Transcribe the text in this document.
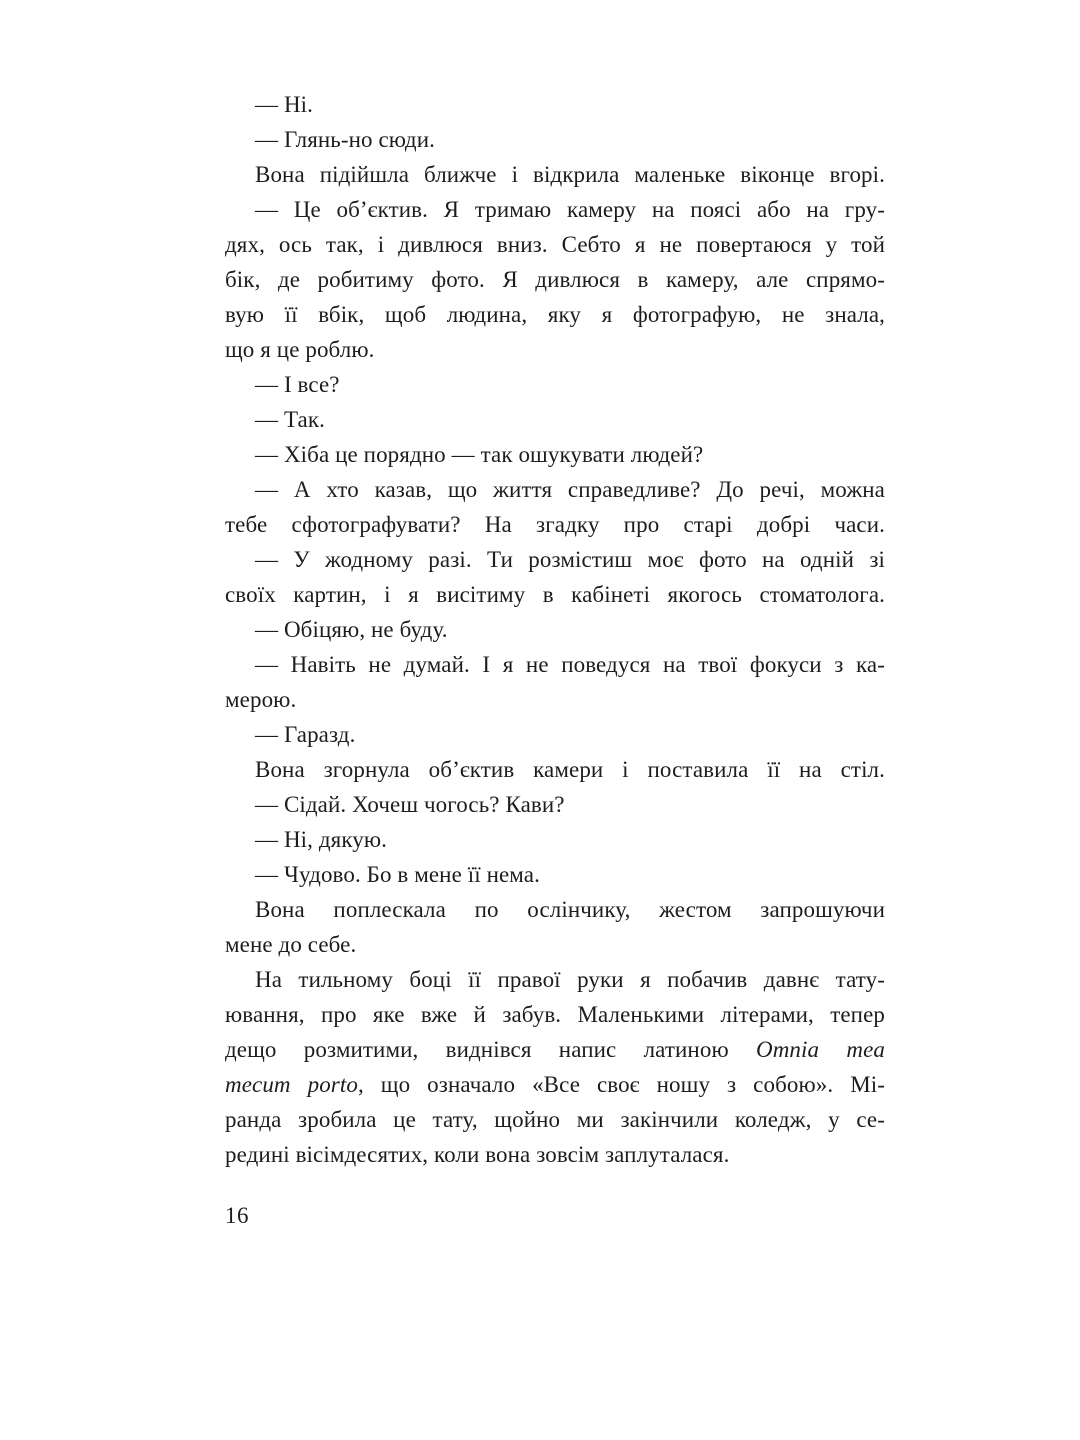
— Ні.
— Глянь-но сюди.
Вона підійшла ближче і відкрила маленьке віконце вгорі.
— Це об’єктив. Я тримаю камеру на поясі або на гру-
дях, ось так, і дивлюся вниз. Себто я не повертаюся у той
бік, де робитиму фото. Я дивлюся в камеру, але спрямо-
вую її вбік, щоб людина, яку я фотографую, не знала,
що я це роблю.
— І все?
— Так.
— Хіба це порядно — так ошукувати людей?
— А хто казав, що життя справедливе? До речі, можна
тебе сфотографувати? На згадку про старі добрі часи.
— У жодному разі. Ти розмістиш моє фото на одній зі
своїх картин, і я висітиму в кабінеті якогось стоматолога.
— Обіцяю, не буду.
— Навіть не думай. І я не поведуся на твої фокуси з ка-
мерою.
— Гаразд.
Вона згорнула об’єктив камери і поставила її на стіл.
— Сідай. Хочеш чогось? Кави?
— Ні, дякую.
— Чудово. Бо в мене її нема.
Вона поплескала по ослінчику, жестом запрошуючи
мене до себе.
На тильному боці її правої руки я побачив давнє тату-
ювання, про яке вже й забув. Маленькими літерами, тепер
дещо розмитими, виднівся напис латиною Omnia mea
mecum porto, що означало «Все своє ношу з собою». Мі-
ранда зробила це тату, щойно ми закінчили коледж, у се-
редині вісімдесятих, коли вона зовсім заплуталася.
16
